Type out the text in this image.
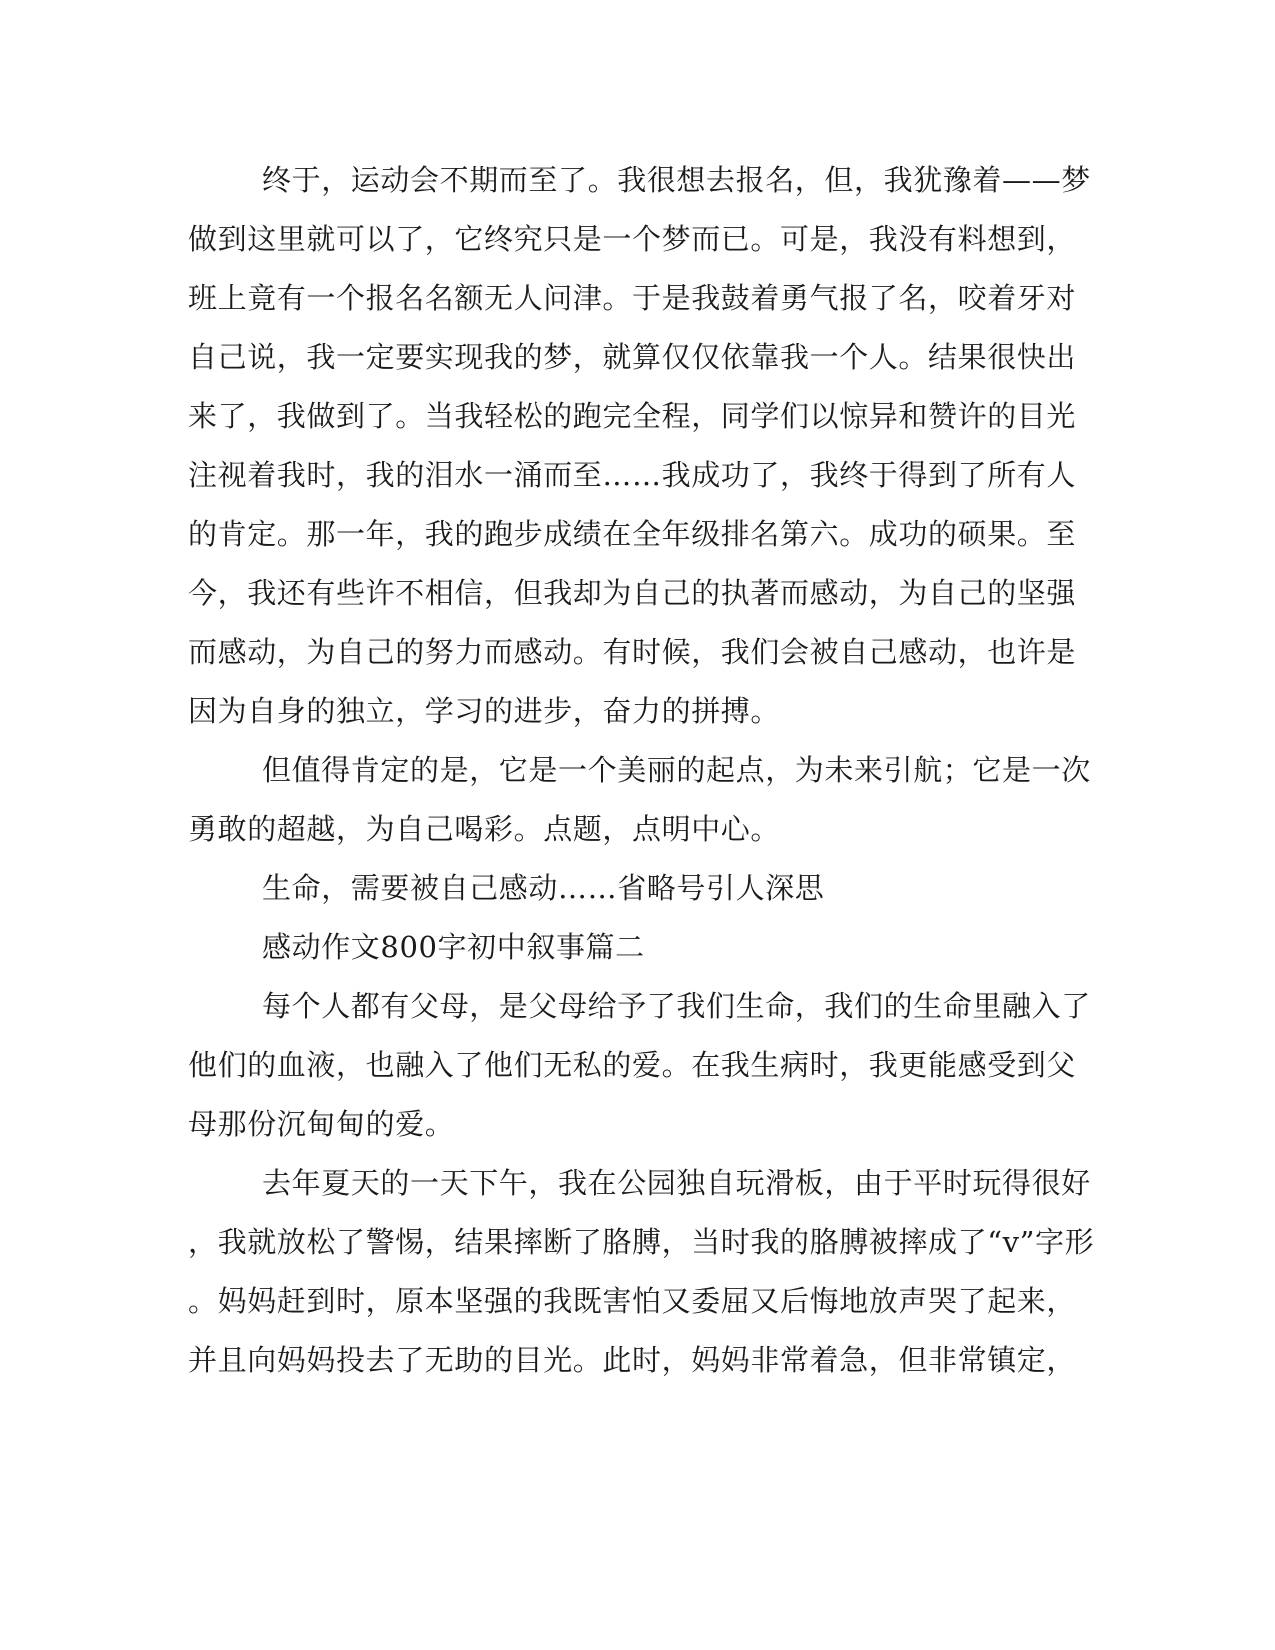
终于，运动会不期而至了。我很想去报名，但，我犹豫着——梦
做到这里就可以了，它终究只是一个梦而已。可是，我没有料想到，
班上竟有一个报名名额无人问津。于是我鼓着勇气报了名，咬着牙对
自己说，我一定要实现我的梦，就算仅仅依靠我一个人。结果很快出
来了，我做到了。当我轻松的跑完全程，同学们以惊异和赞许的目光
注视着我时，我的泪水一涌而至……我成功了，我终于得到了所有人
的肯定。那一年，我的跑步成绩在全年级排名第六。成功的硕果。至
今，我还有些许不相信，但我却为自己的执著而感动，为自己的坚强
而感动，为自己的努力而感动。有时候，我们会被自己感动，也许是
因为自身的独立，学习的进步，奋力的拼搏。
但值得肯定的是，它是一个美丽的起点，为未来引航；它是一次
勇敢的超越，为自己喝彩。点题，点明中心。
生命，需要被自己感动……省略号引人深思
感动作文800字初中叙事篇二
每个人都有父母，是父母给予了我们生命，我们的生命里融入了
他们的血液，也融入了他们无私的爱。在我生病时，我更能感受到父
母那份沉甸甸的爱。
去年夏天的一天下午，我在公园独自玩滑板，由于平时玩得很好
，我就放松了警惕，结果摔断了胳膊，当时我的胳膊被摔成了“v”字形
。妈妈赶到时，原本坚强的我既害怕又委屈又后悔地放声哭了起来，
并且向妈妈投去了无助的目光。此时，妈妈非常着急，但非常镇定，
